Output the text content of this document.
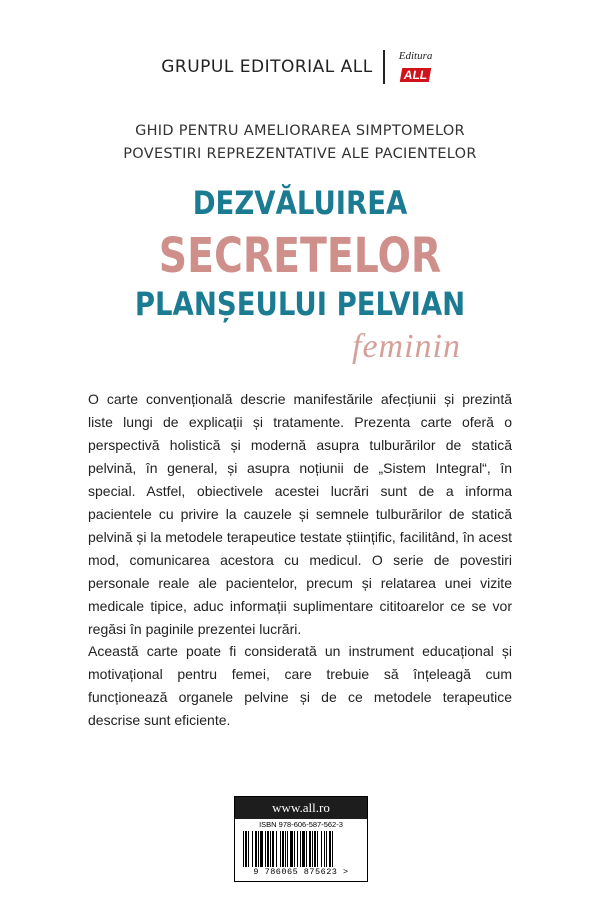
GRUPUL EDITORIAL ALL
Editura
ALL
GHID PENTRU AMELIORAREA SIMPTOMELOR
POVESTIRI REPREZENTATIVE ALE PACIENTELOR
DEZVĂLUIREA
SECRETELOR
PLANȘEULUI PELVIAN
feminin

O carte convențională descrie manifestările afecțiunii și prezintă liste lungi de explicații și tratamente. Prezenta carte oferă o perspectivă holistică și modernă asupra tulburărilor de statică pelvină, în general, și asupra noțiunii de „Sistem Integral“, în special. Astfel, obiectivele acestei lucrări sunt de a informa pacientele cu privire la cauzele și semnele tulburărilor de statică pelvină și la metodele terapeutice testate științific, facilitând, în acest mod, comunicarea acestora cu medicul. O serie de povestiri personale reale ale pacientelor, precum și relatarea unei vizite medicale tipice, aduc informații suplimentare cititoarelor ce se vor regăsi în paginile prezentei lucrări.

Această carte poate fi considerată un instrument educațional și motivațional pentru femei, care trebuie să înțeleagă cum funcționează organele pelvine și de ce metodele terapeutice descrise sunt eficiente.

www.all.ro
ISBN 978-606-587-562-3
9 786065 875623 >
